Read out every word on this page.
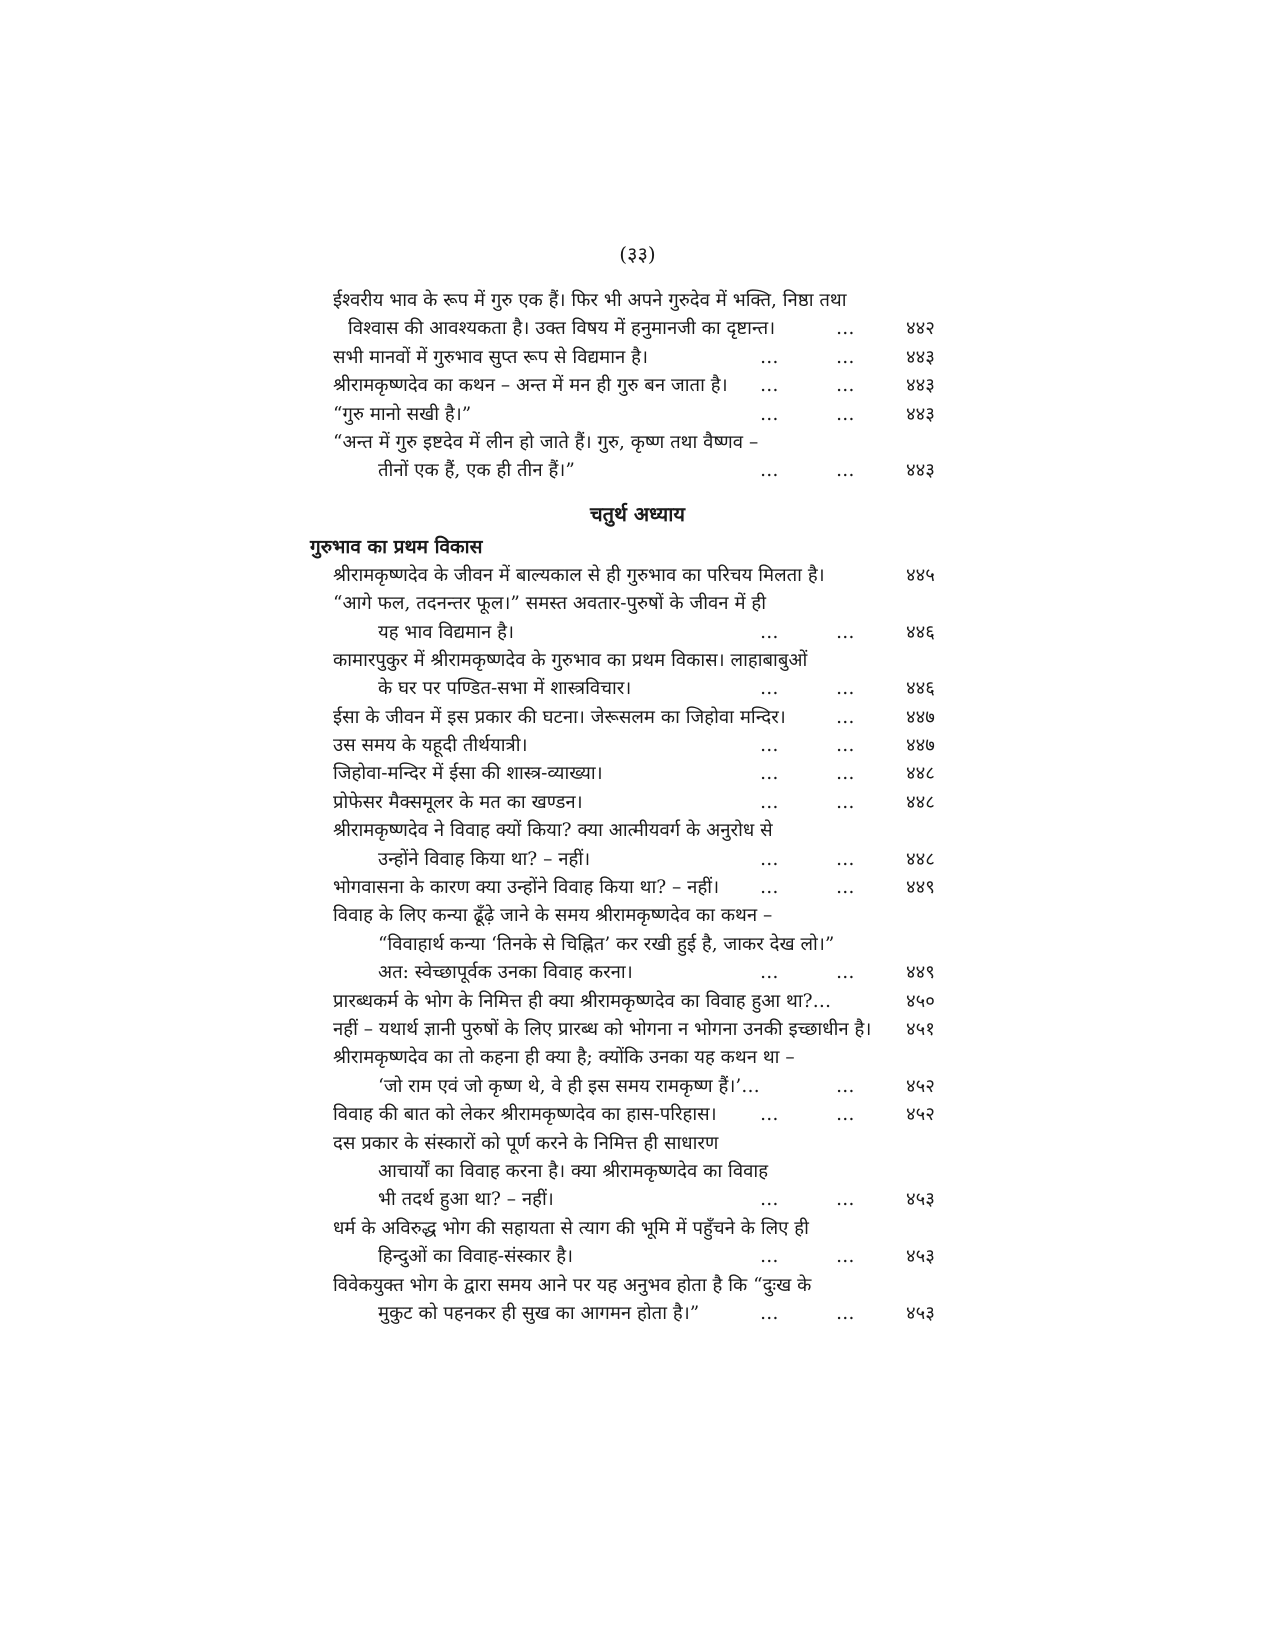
(३३)
ईश्वरीय भाव के रूप में गुरु एक हैं। फिर भी अपने गुरुदेव में भक्ति, निष्ठा तथा
विश्वास की आवश्यकता है। उक्त विषय में हनुमानजी का दृष्टान्त।	…	४४२
सभी मानवों में गुरुभाव सुप्त रूप से विद्यमान है।	…	…	४४३
श्रीरामकृष्णदेव का कथन – अन्त में मन ही गुरु बन जाता है। …	…	४४३
“गुरु मानो सखी है।”	…	…	४४३
“अन्त में गुरु इष्टदेव में लीन हो जाते हैं। गुरु, कृष्ण तथा वैष्णव –
तीनों एक हैं, एक ही तीन हैं।”	…	…	४४३
चतुर्थ अध्याय
गुरुभाव का प्रथम विकास
श्रीरामकृष्णदेव के जीवन में बाल्यकाल से ही गुरुभाव का परिचय मिलता है।	४४५
“आगे फल, तदनन्तर फूल।” समस्त अवतार-पुरुषों के जीवन में ही
यह भाव विद्यमान है।	…	…	४४६
कामारपुकुर में श्रीरामकृष्णदेव के गुरुभाव का प्रथम विकास। लाहाबाबुओं
के घर पर पण्डित-सभा में शास्त्रविचार।	…	…	४४६
ईसा के जीवन में इस प्रकार की घटना। जेरूसलम का जिहोवा मन्दिर।	…	४४७
उस समय के यहूदी तीर्थयात्री।	…	…	४४७
जिहोवा-मन्दिर में ईसा की शास्त्र-व्याख्या।	…	…	४४८
प्रोफेसर मैक्समूलर के मत का खण्डन।	…	…	४४८
श्रीरामकृष्णदेव ने विवाह क्यों किया? क्या आत्मीयवर्ग के अनुरोध से
उन्होंने विवाह किया था? – नहीं।	…	…	४४८
भोगवासना के कारण क्या उन्होंने विवाह किया था? – नहीं। …	…	४४९
विवाह के लिए कन्या ढूँढ़े जाने के समय श्रीरामकृष्णदेव का कथन –
“विवाहार्थ कन्या ‘तिनके से चिह्नित’ कर रखी हुई है, जाकर देख लो।”
अत: स्वेच्छापूर्वक उनका विवाह करना।	…	…	४४९
प्रारब्धकर्म के भोग के निमित्त ही क्या श्रीरामकृष्णदेव का विवाह हुआ था?…	४५०
नहीं – यथार्थ ज्ञानी पुरुषों के लिए प्रारब्ध को भोगना न भोगना उनकी इच्छाधीन है। ४५१
श्रीरामकृष्णदेव का तो कहना ही क्या है; क्योंकि उनका यह कथन था –
‘जो राम एवं जो कृष्ण थे, वे ही इस समय रामकृष्ण हैं।’…	…	४५२
विवाह की बात को लेकर श्रीरामकृष्णदेव का हास-परिहास। …	…	४५२
दस प्रकार के संस्कारों को पूर्ण करने के निमित्त ही साधारण
आचार्यों का विवाह करना है। क्या श्रीरामकृष्णदेव का विवाह
भी तदर्थ हुआ था? – नहीं।	…	…	४५३
धर्म के अविरुद्ध भोग की सहायता से त्याग की भूमि में पहुँचने के लिए ही
हिन्दुओं का विवाह-संस्कार है।	…	…	४५३
विवेकयुक्त भोग के द्वारा समय आने पर यह अनुभव होता है कि “दुःख के
मुकुट को पहनकर ही सुख का आगमन होता है।”	…	…	४५३
